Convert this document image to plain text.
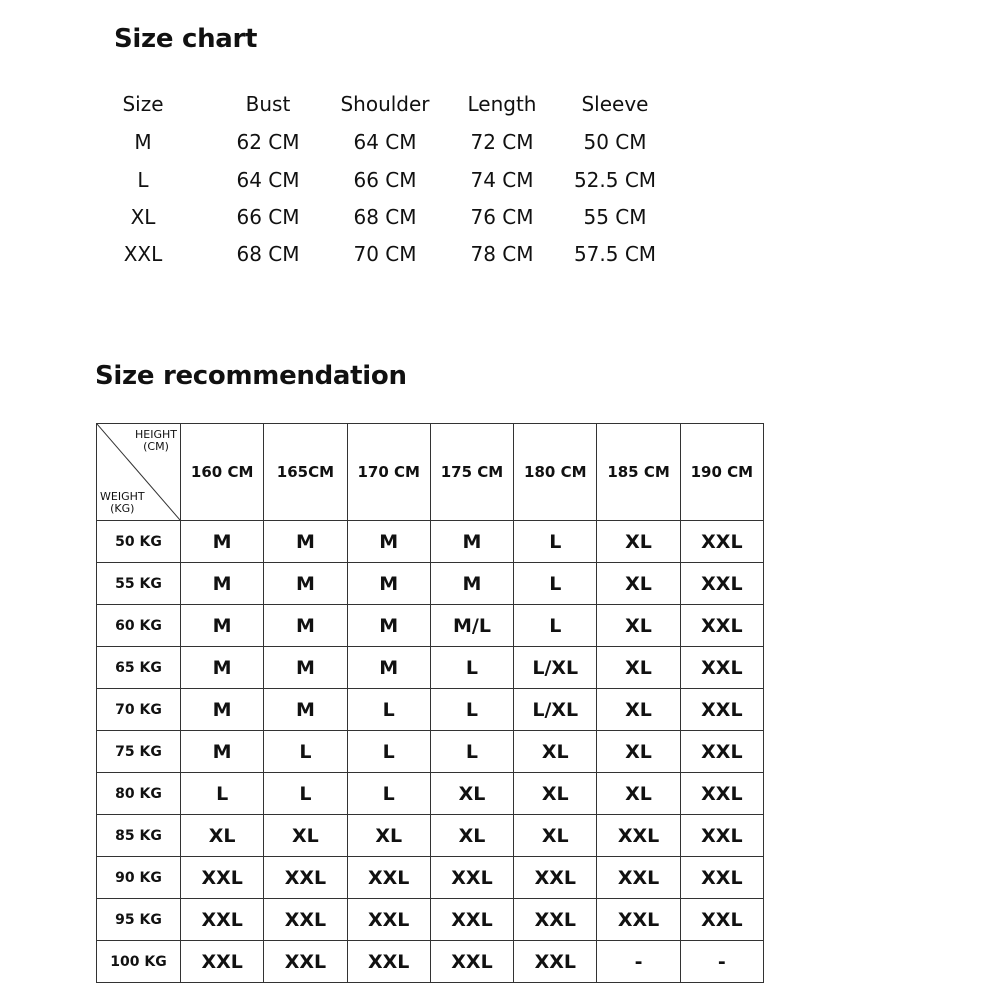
Size chart
Size	Bust	Shoulder	Length	Sleeve
M	62 CM	64 CM	72 CM	50 CM
L	64 CM	66 CM	74 CM	52.5 CM
XL	66 CM	68 CM	76 CM	55 CM
XXL	68 CM	70 CM	78 CM	57.5 CM
Size recommendation
HEIGHT
(CM)
WEIGHT
(KG)	160 CM	165CM	170 CM	175 CM	180 CM	185 CM	190 CM
50 KG	M	M	M	M	L	XL	XXL
55 KG	M	M	M	M	L	XL	XXL
60 KG	M	M	M	M/L	L	XL	XXL
65 KG	M	M	M	L	L/XL	XL	XXL
70 KG	M	M	L	L	L/XL	XL	XXL
75 KG	M	L	L	L	XL	XL	XXL
80 KG	L	L	L	XL	XL	XL	XXL
85 KG	XL	XL	XL	XL	XL	XXL	XXL
90 KG	XXL	XXL	XXL	XXL	XXL	XXL	XXL
95 KG	XXL	XXL	XXL	XXL	XXL	XXL	XXL
100 KG	XXL	XXL	XXL	XXL	XXL	-	-
